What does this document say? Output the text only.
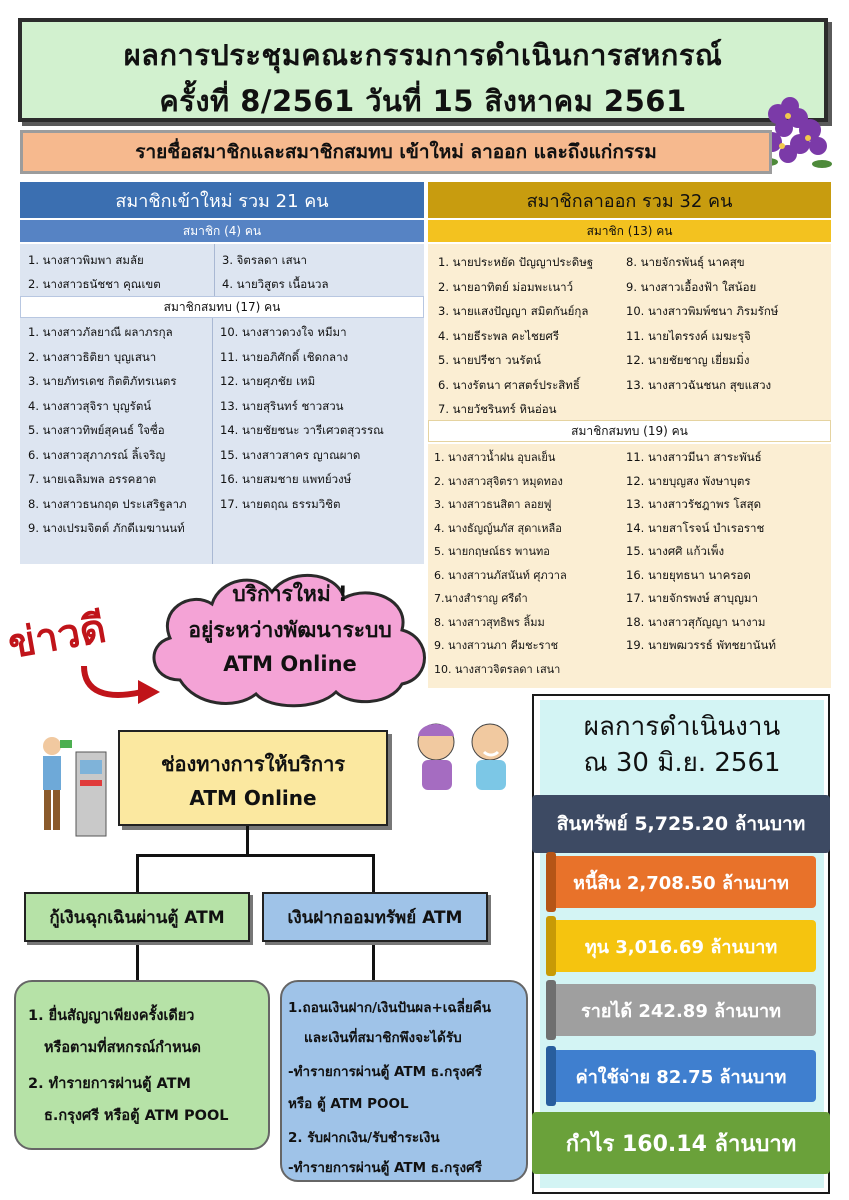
ผลการประชุมคณะกรรมการดำเนินการสหกรณ์
ครั้งที่ 8/2561 วันที่ 15 สิงหาคม 2561
รายชื่อสมาชิกและสมาชิกสมทบ เข้าใหม่ ลาออก และถึงแก่กรรม
สมาชิกเข้าใหม่ รวม 21 คน
สมาชิก (4) คน
1. นางสาวพิมพา สมลัย
2. นางสาวธนัชชา คุณเขต
3. จิตรลดา เสนา
4. นายวิสูตร เนื้อนวล
สมาชิกสมทบ (17) คน
1. นางสาวภัลยาณี ผลาภรกุล
2. นางสาวธิติยา บุญเสนา
3. นายภัทรเดช กิตติภัทรเนตร
4. นางสาวสุจิรา บุญรัตน์
5. นางสาวทิพย์สุคนธ์ ใจซื่อ
6. นางสาวสุภาภรณ์ ลิ้เจริญ
7. นายเฉลิมพล อรรคฮาต
8. นางสาวธนกฤต ประเสริฐลาภ
9. นางเปรมจิตต์ ภักดีเมฆานนท์
10. นางสาวดวงใจ หมีมา
11. นายอภิศักดิ์ เชิดกลาง
12. นายศุภชัย เหมิ
13. นายสุรินทร์ ชาวสวน
14. นายชัยชนะ วารีเศวตสุวรรณ
15. นางสาวสาคร ญาณผาด
16. นายสมชาย แพทย์วงษ์
17. นายตฤณ ธรรมวิชิต
สมาชิกลาออก รวม 32 คน
สมาชิก (13) คน
1. นายประหยัด ปัญญาประดิษฐ
2. นายอาทิตย์ ม่อมพะเนาว์
3. นายแสงปัญญา สมิตกันย์กุล
4. นายธีระพล คะไชยศรี
5. นายปรีชา วนรัตน์
6. นางรัตนา ศาสตร์ประสิทธิ์
7. นายวัชรินทร์ หินอ่อน
8. นายจักรพันธุ์ นาคสุข
9. นางสาวเอื้องฟ้า ใสน้อย
10. นางสาวพิมพ์ชนา ภิรมรักษ์
11. นายไตรรงค์ เมฆะรุจิ
12. นายชัยชาญ เยี่ยมมิ่ง
13. นางสาวฉันชนก สุขแสวง
สมาชิกสมทบ (19) คน
1. นางสาวน้ำฝน อุบลเย็น
2. นางสาวสุจิตรา หมุดทอง
3. นางสาวธนสิตา ลอยฟู
4. นางธัญญ์นภัส สุดาเหลือ
5. นายกฤษณ์ธร พานทอ
6. นางสาวนภัสนันท์ ศุภวาล
7.นางสำราญ ศรีดำ
8. นางสาวสุทธิพร ลิ้มม
9. นางสาวนภา คีมชะราช
10. นางสาวจิตรลดา เสนา
11. นางสาวมีนา สาระพันธ์
12. นายบุญสง พังษาบุตร
13. นางสาวรัชฎาพร โสสุด
14. นายสาโรจน์ บำเรอราช
15. นางศศิ แก้วเพ็ง
16. นายยุทธนา นาครอด
17. นายจักรพงษ์ สาบุญมา
18. นางสาวสุกัญญา นางาม
19. นายพฒวรรธ์ พัทชยานันท์
ข่าวดี
บริการใหม่ !
อยู่ระหว่างพัฒนาระบบ
ATM Online
ช่องทางการให้บริการ
ATM Online
กู้เงินฉุกเฉินผ่านตู้ ATM	เงินฝากออมทรัพย์ ATM
1. ยื่นสัญญาเพียงครั้งเดียว
หรือตามที่สหกรณ์กำหนด
2. ทำรายการผ่านตู้ ATM
ธ.กรุงศรี หรือตู้ ATM POOL
1.ถอนเงินฝาก/เงินปันผล+เฉลี่ยคืน
และเงินที่สมาชิกพึงจะได้รับ
-ทำรายการผ่านตู้ ATM ธ.กรุงศรี
หรือ ตู้ ATM POOL
2. รับฝากเงิน/รับชำระเงิน
-ทำรายการผ่านตู้ ATM ธ.กรุงศรี
ผลการดำเนินงาน
ณ 30 มิ.ย. 2561
สินทรัพย์ 5,725.20 ล้านบาท
หนี้สิน 2,708.50 ล้านบาท
ทุน 3,016.69 ล้านบาท
รายได้ 242.89 ล้านบาท
ค่าใช้จ่าย 82.75 ล้านบาท
กำไร 160.14 ล้านบาท
